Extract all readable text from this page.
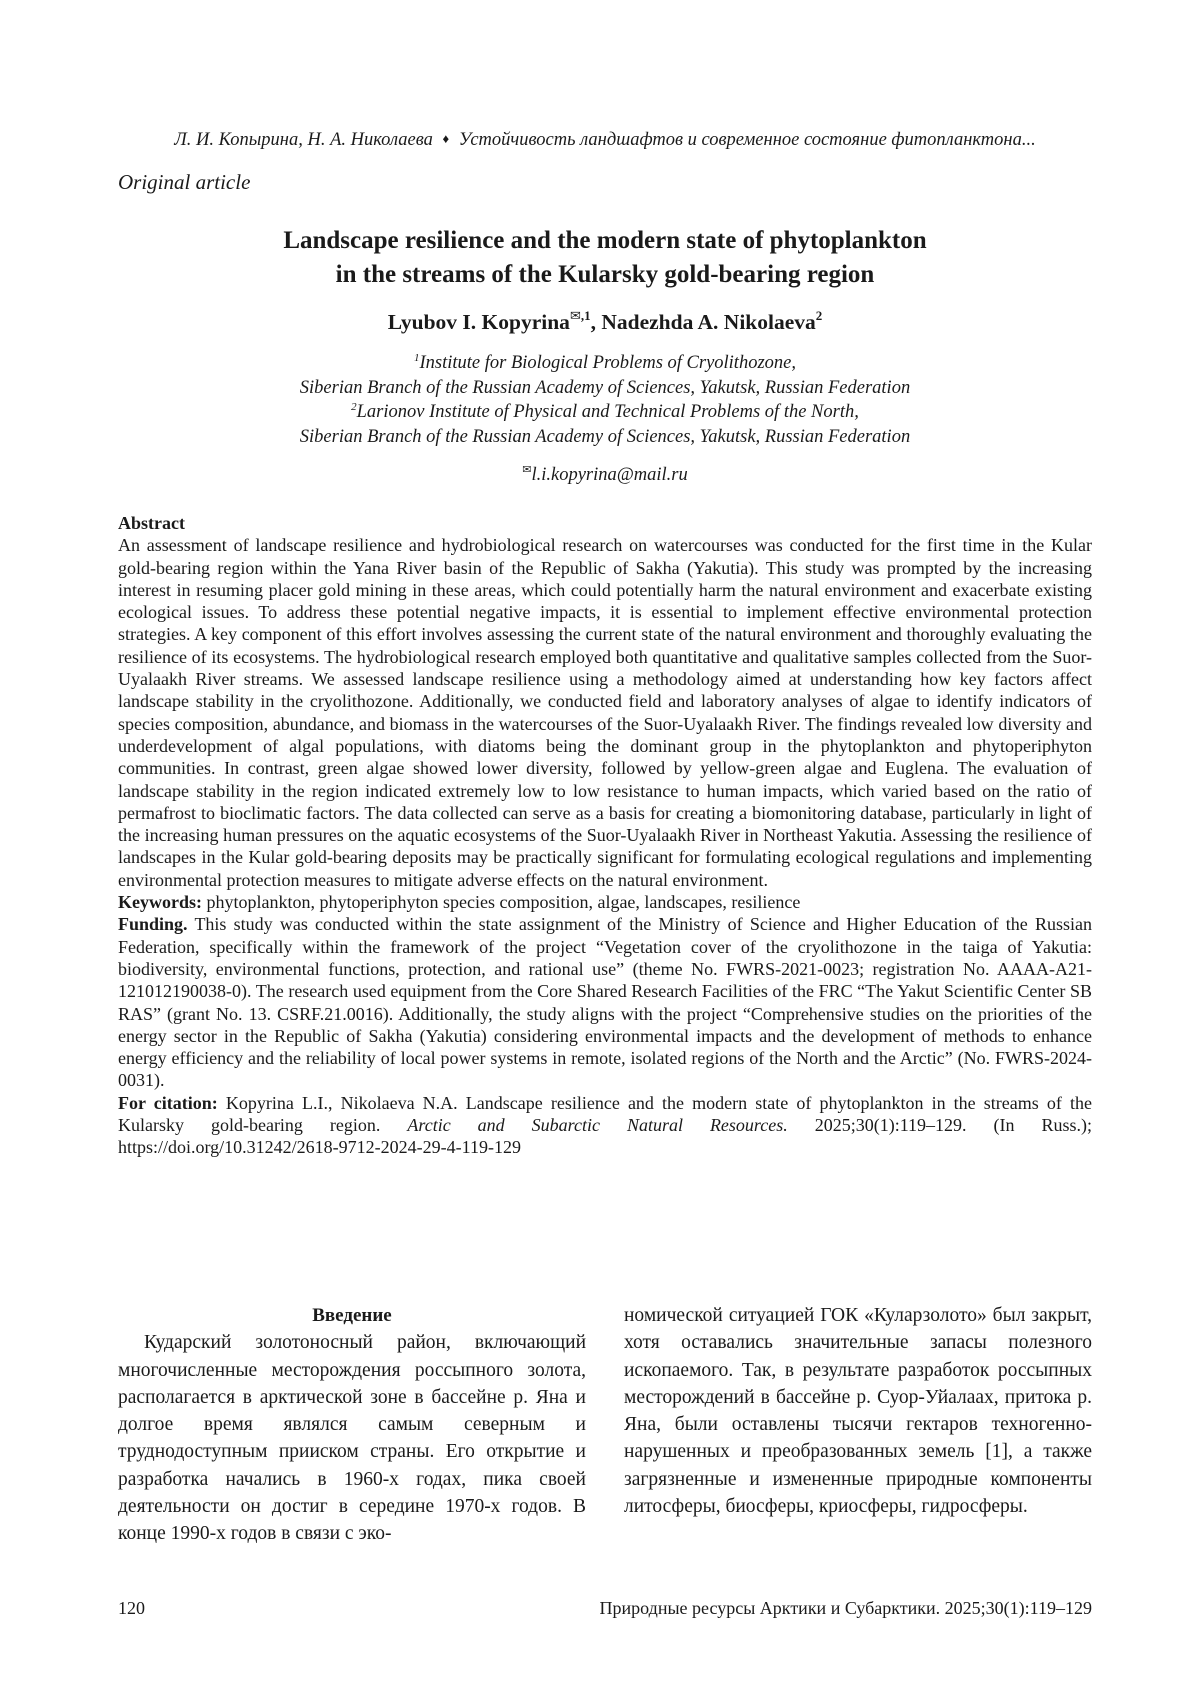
Л. И. Копырина, Н. А. Николаева ♦ Устойчивость ландшафтов и современное состояние фитопланктона...
Original article
Landscape resilience and the modern state of phytoplankton
in the streams of the Kularsky gold-bearing region
Lyubov I. Kopyrina$^{✉,1}$, Nadezhda A. Nikolaeva$^2$
$^1$Institute for Biological Problems of Cryolithozone,
Siberian Branch of the Russian Academy of Sciences, Yakutsk, Russian Federation
$^2$Larionov Institute of Physical and Technical Problems of the North,
Siberian Branch of the Russian Academy of Sciences, Yakutsk, Russian Federation
✉l.i.kopyrina@mail.ru

Abstract

An assessment of landscape resilience and hydrobiological research on watercourses was conducted for the first time in the Kular gold-bearing region within the Yana River basin of the Republic of Sakha (Yakutia). This study was prompted by the increasing interest in resuming placer gold mining in these areas, which could potentially harm the natural environment and exacerbate existing ecological issues. To address these potential negative impacts, it is essential to implement effective environmental protection strategies. A key component of this effort involves assessing the current state of the natural environment and thoroughly evaluating the resilience of its ecosystems. The hydrobiological research employed both quantitative and qualitative samples collected from the Suor-Uyalaakh River streams. We assessed landscape resilience using a methodology aimed at understanding how key factors affect landscape stability in the cryolithozone. Additionally, we conducted field and laboratory analyses of algae to identify indicators of species composition, abundance, and biomass in the watercourses of the Suor-Uyalaakh River. The findings revealed low diversity and underdevelopment of algal populations, with diatoms being the dominant group in the phytoplankton and phytoperiphyton communities. In contrast, green algae showed lower diversity, followed by yellow-green algae and Euglena. The evaluation of landscape stability in the region indicated extremely low to low resistance to human impacts, which varied based on the ratio of permafrost to bioclimatic factors. The data collected can serve as a basis for creating a biomonitoring database, particularly in light of the increasing human pressures on the aquatic ecosystems of the Suor-Uyalaakh River in Northeast Yakutia. Assessing the resilience of landscapes in the Kular gold-bearing deposits may be practically significant for formulating ecological regulations and implementing environmental protection measures to mitigate adverse effects on the natural environment.

Keywords: phytoplankton, phytoperiphyton species composition, algae, landscapes, resilience

Funding. This study was conducted within the state assignment of the Ministry of Science and Higher Education of the Russian Federation, specifically within the framework of the project “Vegetation cover of the cryolithozone in the taiga of Yakutia: biodiversity, environmental functions, protection, and rational use” (theme No. FWRS-2021-0023; registration No. AAAA-A21-121012190038-0). The research used equipment from the Core Shared Research Facilities of the FRC “The Yakut Scientific Center SB RAS” (grant No. 13. CSRF.21.0016). Additionally, the study aligns with the project “Comprehensive studies on the priorities of the energy sector in the Republic of Sakha (Yakutia) considering environmental impacts and the development of methods to enhance energy efficiency and the reliability of local power systems in remote, isolated regions of the North and the Arctic” (No. FWRS-2024-0031).

For citation: Kopyrina L.I., Nikolaeva N.A. Landscape resilience and the modern state of phytoplankton in the streams of the Kularsky gold-bearing region. Arctic and Subarctic Natural Resources. 2025;30(1):119–129. (In Russ.); https://doi.org/10.31242/2618-9712-2024-29-4-119-129

Введение

Кударский золотоносный район, включающий многочисленные месторождения россыпного золота, располагается в арктической зоне в бассейне р. Яна и долгое время являлся самым северным и труднодоступным прииском страны. Его открытие и разработка начались в 1960-х годах, пика своей деятельности он достиг в середине 1970-х годов. В конце 1990-х годов в связи с эко-

номической ситуацией ГОК «Куларзолото» был закрыт, хотя оставались значительные запасы полезного ископаемого. Так, в результате разработок россыпных месторождений в бассейне р. Суор-Уйалаах, притока р. Яна, были оставлены тысячи гектаров техногенно-нарушенных и преобразованных земель [1], а также загрязненные и измененные природные компоненты литосферы, биосферы, криосферы, гидросферы.

120	Природные ресурсы Арктики и Субарктики. 2025;30(1):119–129
